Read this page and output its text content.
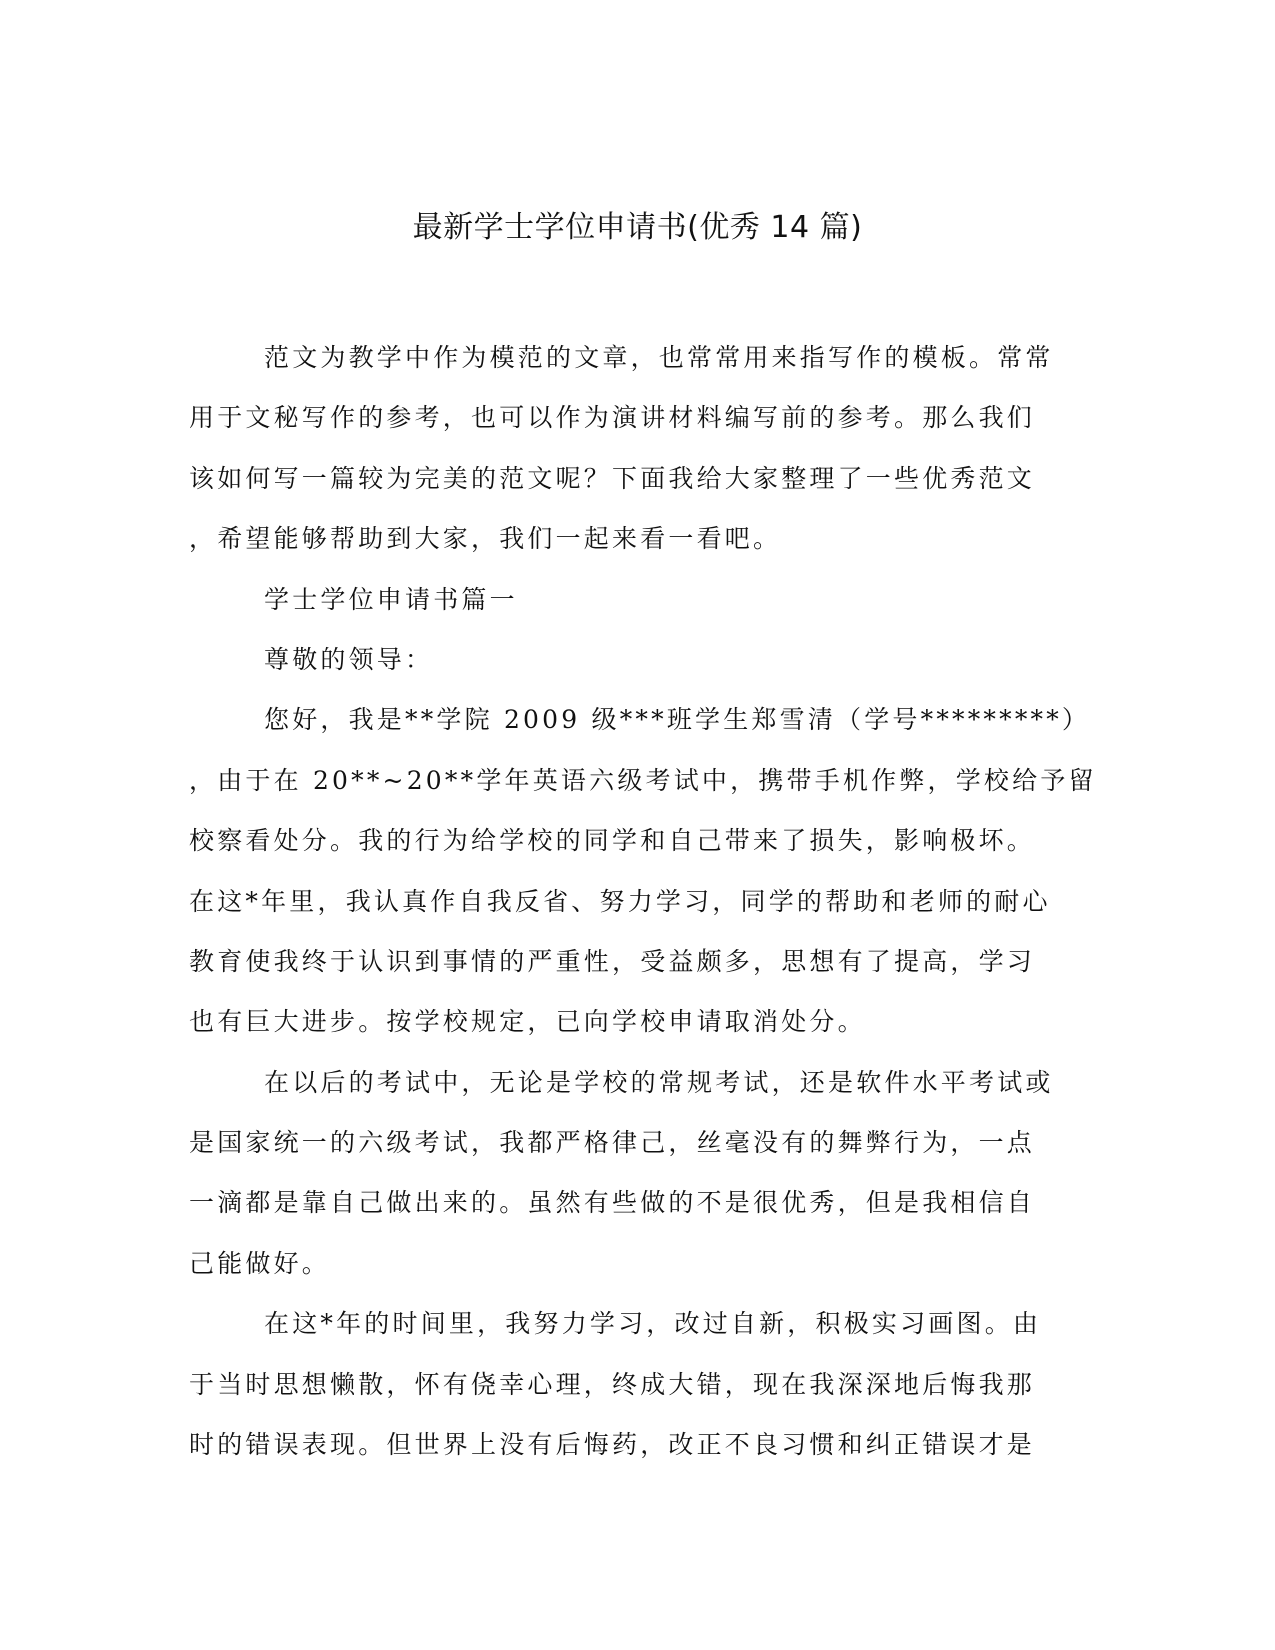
最新学士学位申请书(优秀 14 篇)
范文为教学中作为模范的文章，也常常用来指写作的模板。常常
用于文秘写作的参考，也可以作为演讲材料编写前的参考。那么我们
该如何写一篇较为完美的范文呢？下面我给大家整理了一些优秀范文
，希望能够帮助到大家，我们一起来看一看吧。
学士学位申请书篇一
尊敬的领导：
您好，我是**学院 2009 级***班学生郑雪清（学号*********）
，由于在 20**~20**学年英语六级考试中，携带手机作弊，学校给予留
校察看处分。我的行为给学校的同学和自己带来了损失，影响极坏。
在这*年里，我认真作自我反省、努力学习，同学的帮助和老师的耐心
教育使我终于认识到事情的严重性，受益颇多，思想有了提高，学习
也有巨大进步。按学校规定，已向学校申请取消处分。
在以后的考试中，无论是学校的常规考试，还是软件水平考试或
是国家统一的六级考试，我都严格律己，丝毫没有的舞弊行为，一点
一滴都是靠自己做出来的。虽然有些做的不是很优秀，但是我相信自
己能做好。
在这*年的时间里，我努力学习，改过自新，积极实习画图。由
于当时思想懒散，怀有侥幸心理，终成大错，现在我深深地后悔我那
时的错误表现。但世界上没有后悔药，改正不良习惯和纠正错误才是
